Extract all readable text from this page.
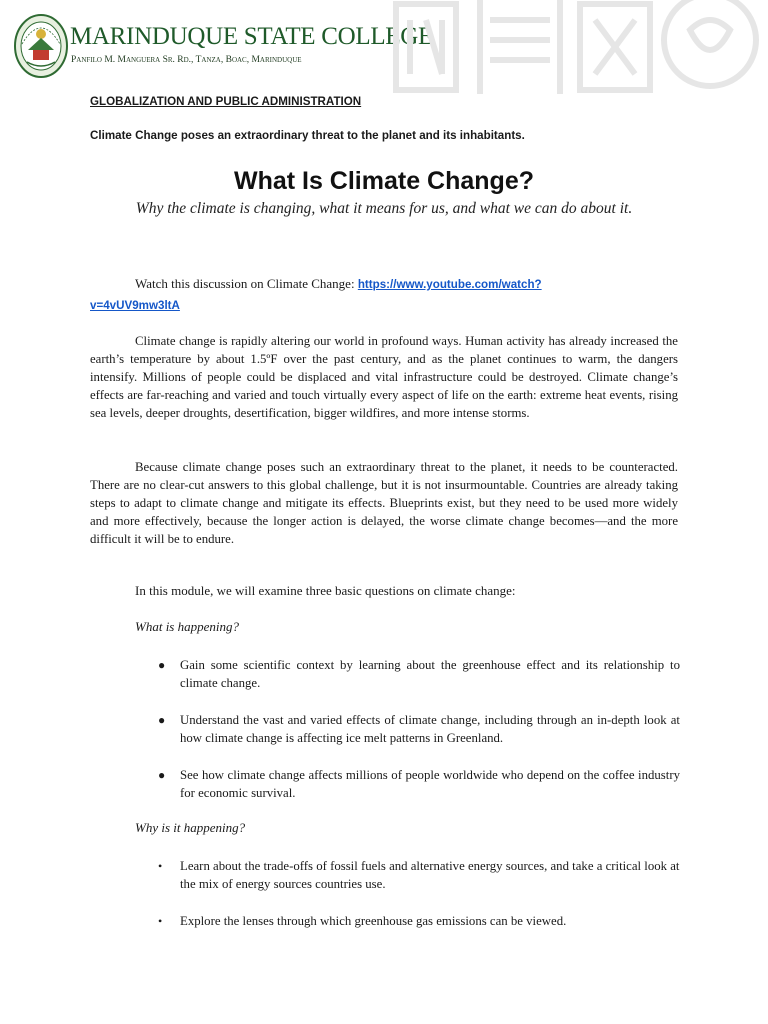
MARINDUQUE STATE COLLEGE
Panfilo M. Manguera Sr. Rd., Tanza, Boac, Marinduque
GLOBALIZATION AND PUBLIC ADMINISTRATION
Climate Change poses an extraordinary threat to the planet and its inhabitants.
What Is Climate Change?
Why the climate is changing, what it means for us, and what we can do about it.
Watch this discussion on Climate Change: https://www.youtube.com/watch?
v=4vUV9mw3ltA

Climate change is rapidly altering our world in profound ways. Human activity has already increased the earth’s temperature by about 1.5ºF over the past century, and as the planet continues to warm, the dangers intensify. Millions of people could be displaced and vital infrastructure could be destroyed. Climate change’s effects are far-reaching and varied and touch virtually every aspect of life on the earth: extreme heat events, rising sea levels, deeper droughts, desertification, bigger wildfires, and more intense storms.

Because climate change poses such an extraordinary threat to the planet, it needs to be counteracted. There are no clear-cut answers to this global challenge, but it is not insurmountable. Countries are already taking steps to adapt to climate change and mitigate its effects. Blueprints exist, but they need to be used more widely and more effectively, because the longer action is delayed, the worse climate change becomes—and the more difficult it will be to endure.

In this module, we will examine three basic questions on climate change:
What is happening?
● Gain some scientific context by learning about the greenhouse effect and its relationship to climate change.
● Understand the vast and varied effects of climate change, including through an in-depth look at how climate change is affecting ice melt patterns in Greenland.
● See how climate change affects millions of people worldwide who depend on the coffee industry for economic survival.
Why is it happening?
• Learn about the trade-offs of fossil fuels and alternative energy sources, and take a critical look at the mix of energy sources countries use.
• Explore the lenses through which greenhouse gas emissions can be viewed.
